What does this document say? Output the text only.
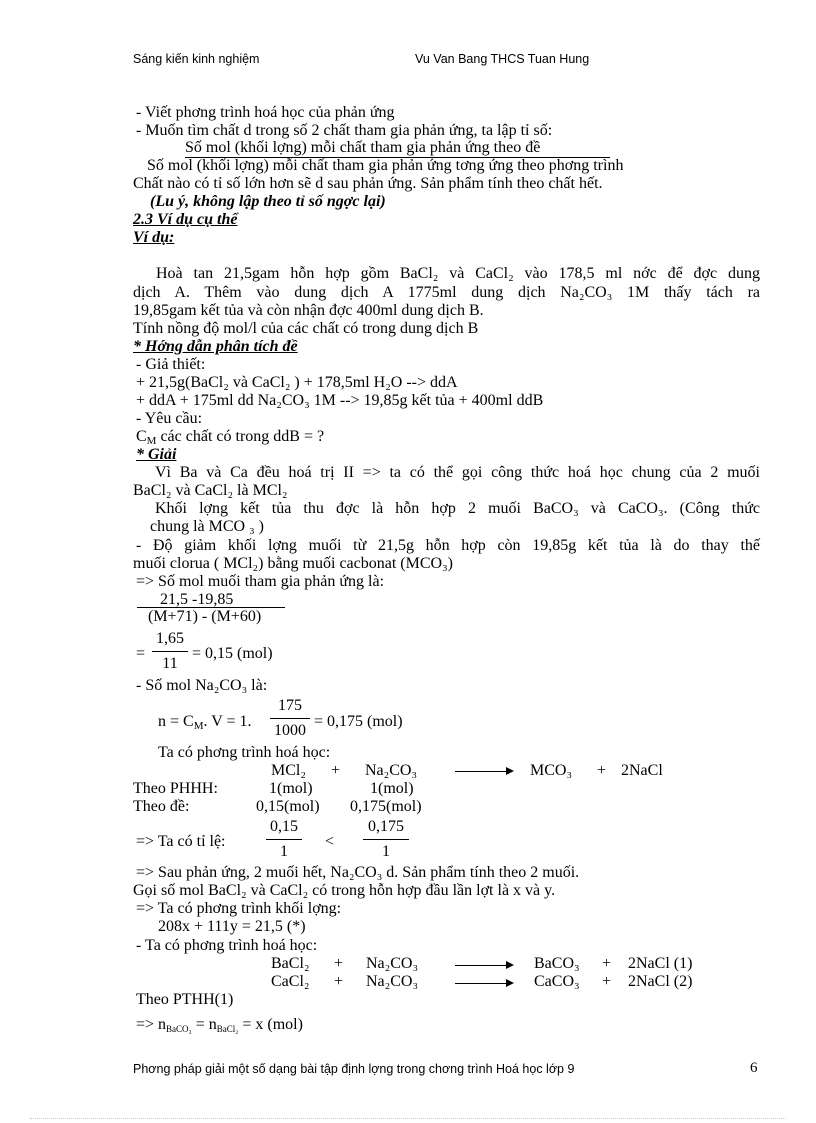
Sáng kiến kinh nghiệm	Vu Van Bang THCS Tuan Hung
- Viết phơng trình hoá học của phản ứng
- Muốn tìm chất d trong số 2 chất tham gia phản ứng, ta lập tỉ số:
Số mol (khối lợng) mỗi chất tham gia phản ứng theo đề
Số mol (khối lợng) mỗi chất tham gia phản ứng tơng ứng theo phơng trình
Chất nào có tỉ số lớn hơn sẽ d sau phản ứng. Sản phẩm tính theo chất hết.
(Lu ý, không lập theo tỉ số ngợc lại)
2.3 Ví dụ cụ thể
Ví dụ:
Hoà tan 21,5gam hỗn hợp gồm BaCl₂ và CaCl₂ vào 178,5 ml nớc để đợc dung
dịch A. Thêm vào dung dịch A 1775ml dung dịch Na₂CO₃ 1M thấy tách ra
19,85gam kết tủa và còn nhận đợc 400ml dung dịch B.
Tính nồng độ mol/l của các chất có trong dung dịch B
* Hớng dẫn phân tích đề
- Giả thiết:
+ 21,5g(BaCl₂ và CaCl₂ ) + 178,5ml H₂O --> ddA
+ ddA + 175ml dd Na₂CO₃ 1M --> 19,85g kết tủa + 400ml ddB
- Yêu cầu:
$C_M$ các chất có trong ddB = ?
* Giải
Vì Ba và Ca đều hoá trị II => ta có thể gọi công thức hoá học chung của 2 muối
BaCl₂ và CaCl₂ là MCl₂
Khối lợng kết tủa thu đợc là hỗn hợp 2 muối BaCO₃ và CaCO₃. (Công thức
chung là MCO ₃ )
- Độ giảm khối lợng muối từ 21,5g hỗn hợp còn 19,85g kết tủa là do thay thế
muối clorua ( MCl₂) bằng muối cacbonat (MCO₃)
=> Số mol muối tham gia phản ứng là:
21,5 -19,85
(M+71) - (M+60)
= $\frac{1,65}{11} = 0,15$ (mol)
- Số mol Na₂CO₃ là:
$n = C_M$. V = 1. $\frac{175}{1000} = 0,175$ (mol)
Ta có phơng trình hoá học:
MCl₂ + Na₂CO₃ → MCO₃ + 2NaCl
Theo PHHH:	1(mol)	1(mol)
Theo đề:	0,15(mol) 0,175(mol)
=> Ta có tỉ lệ:	$\frac{0,15}{1} < \frac{0,175}{1}$
=> Sau phản ứng, 2 muối hết, Na₂CO₃ d. Sản phẩm tính theo 2 muối.
Gọi số mol BaCl₂ và CaCl₂ có trong hỗn hợp đầu lần lợt là x và y.
=> Ta có phơng trình khối lợng:
208x + 111y = 21,5 (*)
- Ta có phơng trình hoá học:
BaCl₂ + Na₂CO₃ → BaCO₃ + 2NaCl (1)
CaCl₂ + Na₂CO₃ → CaCO₃ + 2NaCl (2)
Theo PTHH(1)
=> $n_{BaCO_3} = n_{BaCl_2} = x$ (mol)
Phơng pháp giải một số dạng bài tập định lợng trong chơng trình Hoá học lớp 9	6
